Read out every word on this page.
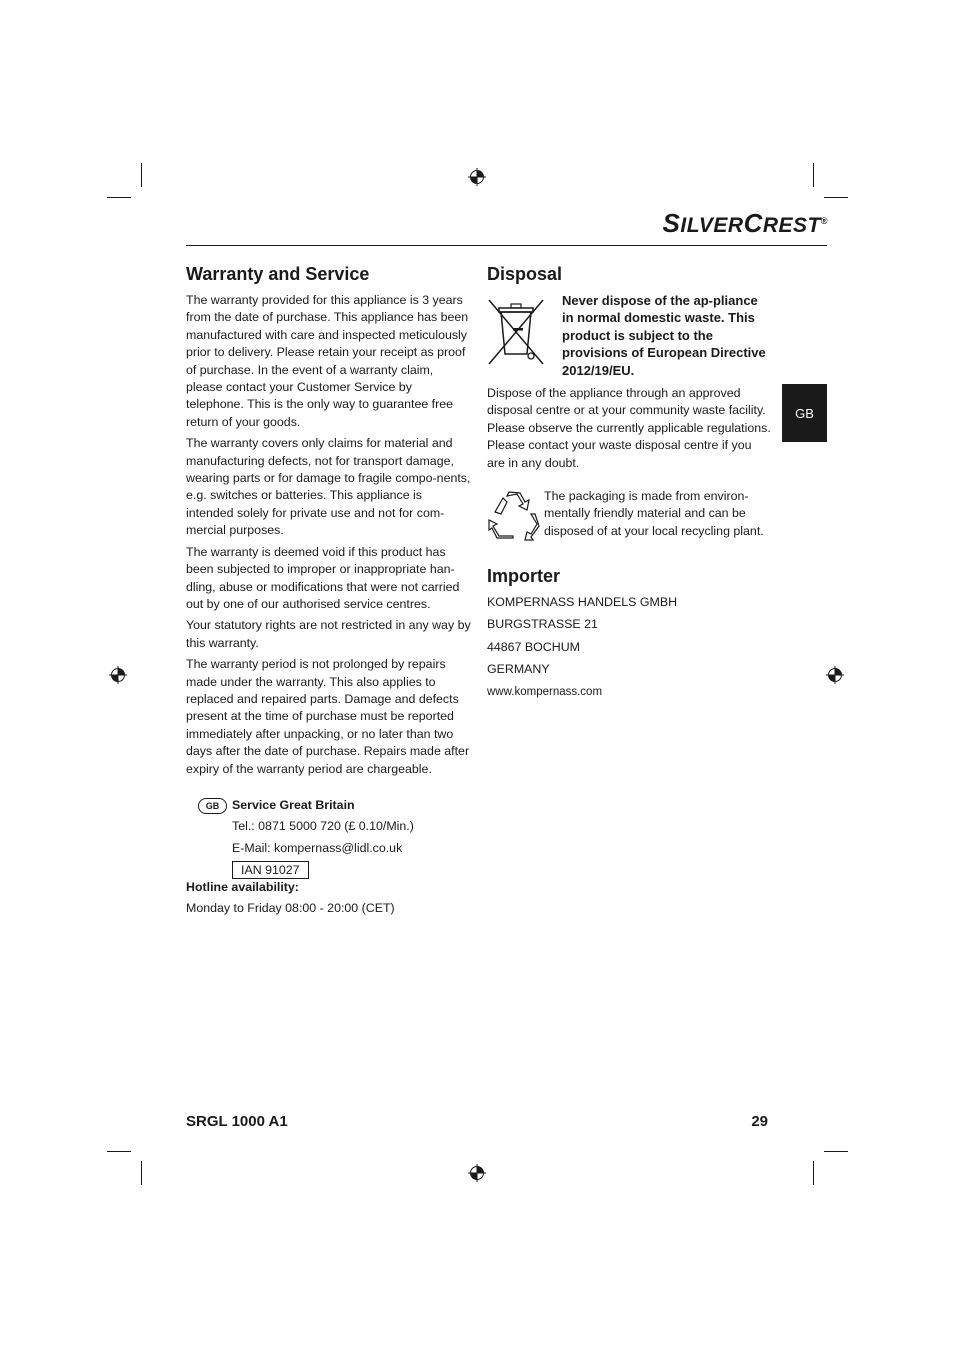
SILVERCREST®
GB
Warranty and Service

The warranty provided for this appliance is 3 years from the date of purchase. This appliance has been manufactured with care and inspected meticulously prior to delivery. Please retain your receipt as proof of purchase. In the event of a warranty claim, please contact your Customer Service by telephone. This is the only way to guarantee free return of your goods.

The warranty covers only claims for material and manufacturing defects, not for transport damage, wearing parts or for damage to fragile compo-nents, e.g. switches or batteries. This appliance is intended solely for private use and not for com-mercial purposes.

The warranty is deemed void if this product has been subjected to improper or inappropriate han-dling, abuse or modifications that were not carried out by one of our authorised service centres.

Your statutory rights are not restricted in any way by this warranty.

The warranty period is not prolonged by repairs made under the warranty. This also applies to replaced and repaired parts. Damage and defects present at the time of purchase must be reported immediately after unpacking, or no later than two days after the date of purchase. Repairs made after expiry of the warranty period are chargeable.

GB	Service Great Britain

Tel.: 0871 5000 720 (£ 0.10/Min.)

E-Mail: kompernass@lidl.co.uk

IAN 91027

Hotline availability:

Monday to Friday 08:00 - 20:00 (CET)

Disposal

Never dispose of the ap-pliance in normal domestic waste. This product is subject to the provisions of European Directive 2012/19/EU.

Dispose of the appliance through an approved disposal centre or at your community waste facility. Please observe the currently applicable regulations. Please contact your waste disposal centre if you are in any doubt.

The packaging is made from environ-mentally friendly material and can be disposed of at your local recycling plant.

Importer

KOMPERNASS HANDELS GMBH

BURGSTRASSE 21

44867 BOCHUM

GERMANY

www.kompernass.com

SRGL 1000 A1	29
